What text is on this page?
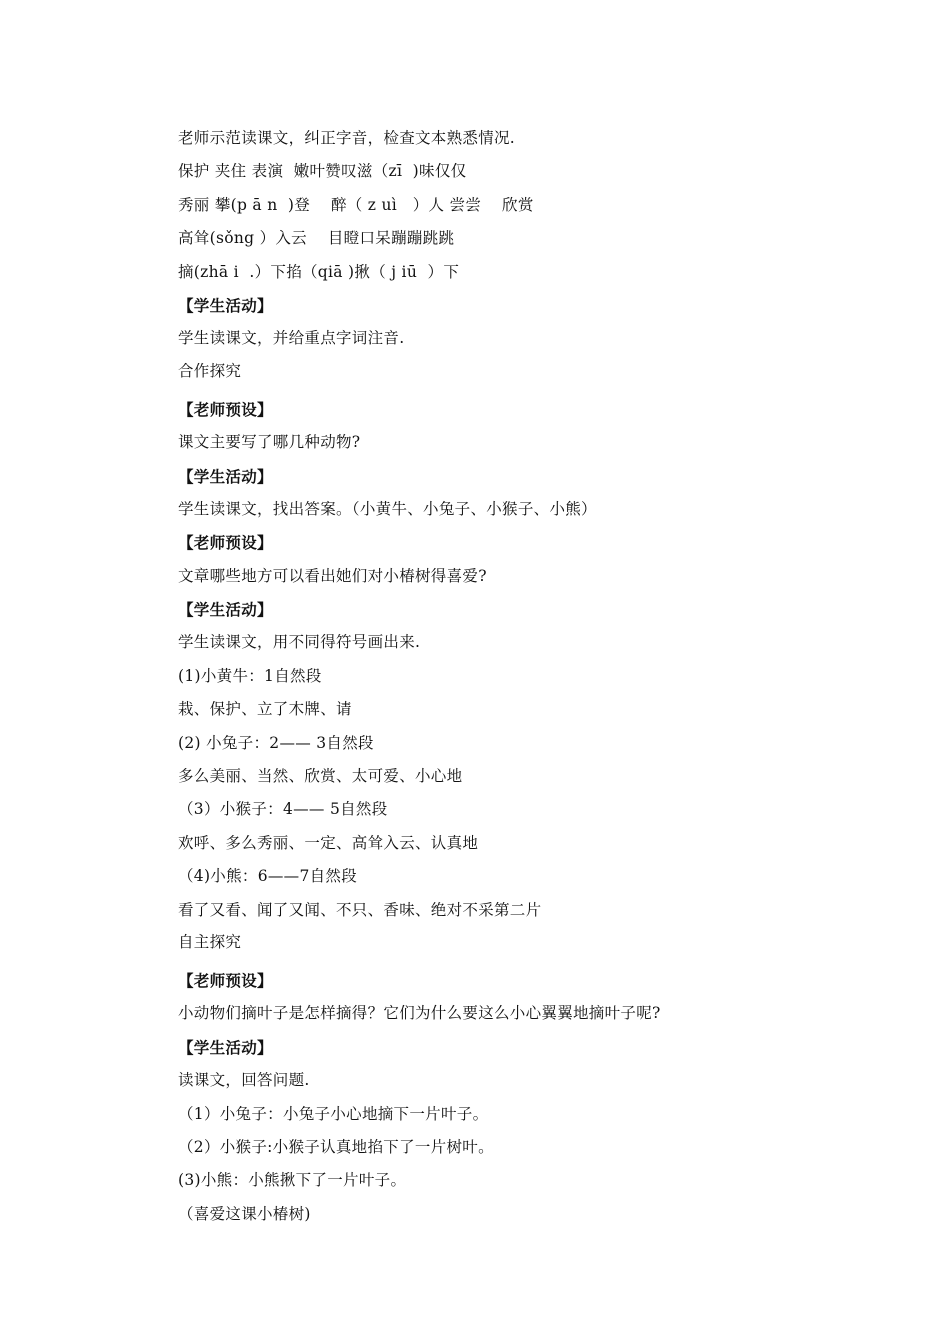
老师示范读课文，纠正字音，检查文本熟悉情况.
保护 夹住 表演  嫩叶赞叹滋（zī  )味仅仅
秀丽 攀(p ā n  )登    醉（ z uì   ）人 尝尝    欣赏
高耸(sǒng ）入云    目瞪口呆蹦蹦跳跳
摘(zhā i  .）下掐（qiā )揪（ j iū  ）下
【学生活动】
学生读课文，并给重点字词注音.
合作探究
【老师预设】
课文主要写了哪几种动物?
【学生活动】
学生读课文，找出答案。（小黄牛、小兔子、小猴子、小熊）
【老师预设】
文章哪些地方可以看出她们对小椿树得喜爱?
【学生活动】
学生读课文，用不同得符号画出来.
(1)小黄牛：1自然段
栽、保护、立了木牌、请
(2) 小兔子：2—— 3自然段
多么美丽、当然、欣赏、太可爱、小心地
（3）小猴子：4—— 5自然段
欢呼、多么秀丽、一定、高耸入云、认真地
（4)小熊：6——7自然段
看了又看、闻了又闻、不只、香味、绝对不采第二片
自主探究
【老师预设】
小动物们摘叶子是怎样摘得？它们为什么要这么小心翼翼地摘叶子呢?
【学生活动】
读课文，回答问题.
（1）小兔子：小兔子小心地摘下一片叶子。
（2）小猴子:小猴子认真地掐下了一片树叶。
(3)小熊：小熊揪下了一片叶子。
（喜爱这课小椿树)
